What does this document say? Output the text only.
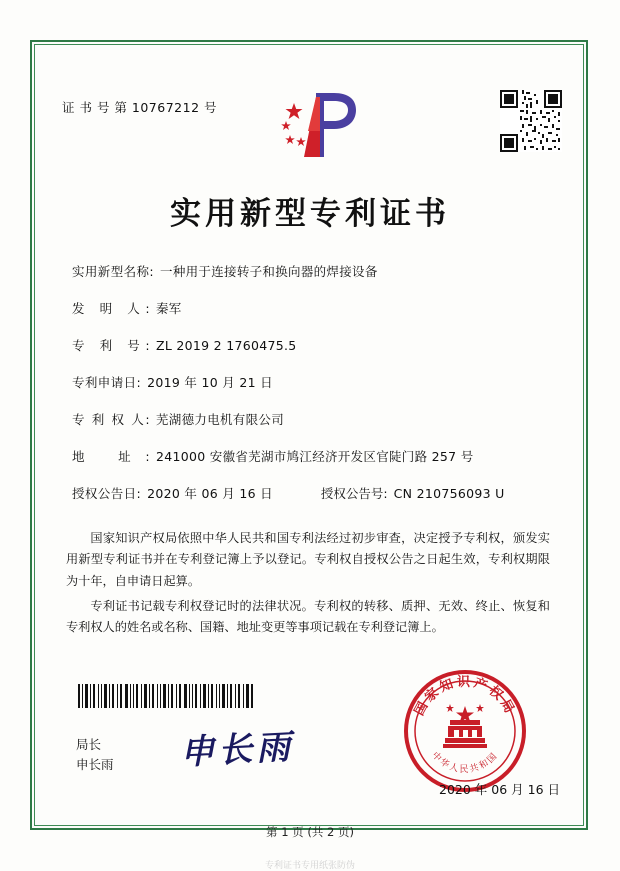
证 书 号 第 10767212 号
实用新型专利证书
实用新型名称: 一种用于连接转子和换向器的焊接设备
发 明 人: 秦军
专 利 号: ZL 2019 2 1760475.5
专利申请日: 2019 年 10 月 21 日
专 利 权 人: 芜湖德力电机有限公司
地 址: 241000 安徽省芜湖市鸠江经济开发区官陡门路 257 号
授权公告日: 2020 年 06 月 16 日	授权公告号: CN 210756093 U

国家知识产权局依照中华人民共和国专利法经过初步审查，决定授予专利权，颁发实用新型专利证书并在专利登记簿上予以登记。专利权自授权公告之日起生效，专利权期限为十年，自申请日起算。

专利证书记载专利权登记时的法律状况。专利权的转移、质押、无效、终止、恢复和专利权人的姓名或名称、国籍、地址变更等事项记载在专利登记簿上。

局长
申长雨 申长雨
国家知识产权局
中华人民共和国
2020 年 06 月 16 日
第 1 页 (共 2 页)
专利证书专用纸张防伪
